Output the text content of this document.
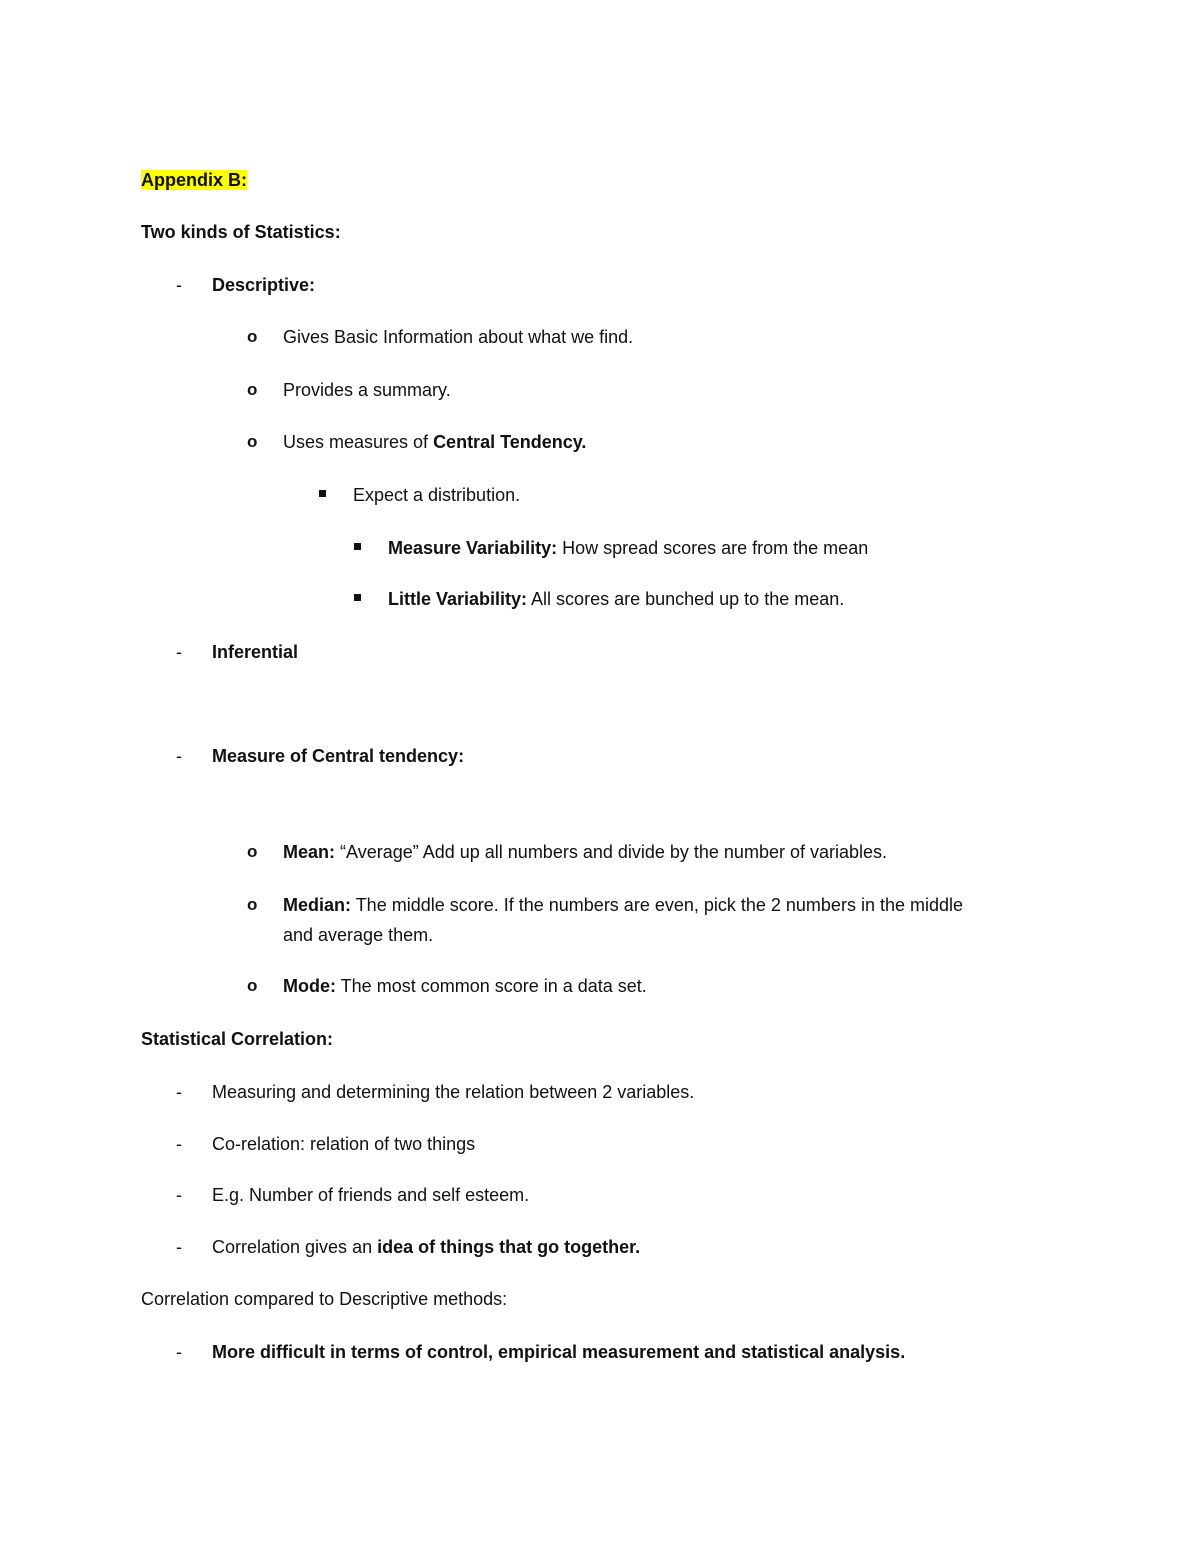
Appendix B:
Two kinds of Statistics:
- Descriptive:
o Gives Basic Information about what we find.
o Provides a summary.
o Uses measures of Central Tendency.
Expect a distribution.
Measure Variability: How spread scores are from the mean
Little Variability: All scores are bunched up to the mean.
- Inferential
- Measure of Central tendency:
o Mean: “Average” Add up all numbers and divide by the number of variables.
o Median: The middle score. If the numbers are even, pick the 2 numbers in the middle
and average them.
o Mode: The most common score in a data set.
Statistical Correlation:
- Measuring and determining the relation between 2 variables.
- Co-relation: relation of two things
- E.g. Number of friends and self esteem.
- Correlation gives an idea of things that go together.
Correlation compared to Descriptive methods:
- More difficult in terms of control, empirical measurement and statistical analysis.
